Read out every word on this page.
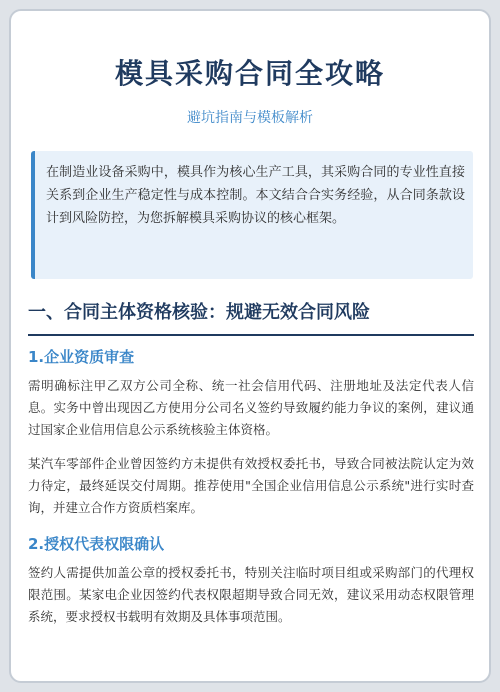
模具采购合同全攻略
避坑指南与模板解析
在制造业设备采购中，模具作为核心生产工具，其采购合同的专业性直接关系到企业生产稳定性与成本控制。本文结合合实务经验，从合同条款设计到风险防控，为您拆解模具采购协议的核心框架。
一、合同主体资格核验：规避无效合同风险
1.企业资质审查
需明确标注甲乙双方公司全称、统一社会信用代码、注册地址及法定代表人信息。实务中曾出现因乙方使用分公司名义签约导致履约能力争议的案例，建议通过国家企业信用信息公示系统核验主体资格。
某汽车零部件企业曾因签约方未提供有效授权委托书，导致合同被法院认定为效力待定，最终延误交付周期。推荐使用"全国企业信用信息公示系统"进行实时查询，并建立合作方资质档案库。
2.授权代表权限确认
签约人需提供加盖公章的授权委托书，特别关注临时项目组或采购部门的代理权限范围。某家电企业因签约代表权限超期导致合同无效，建议采用动态权限管理系统，要求授权书载明有效期及具体事项范围。
